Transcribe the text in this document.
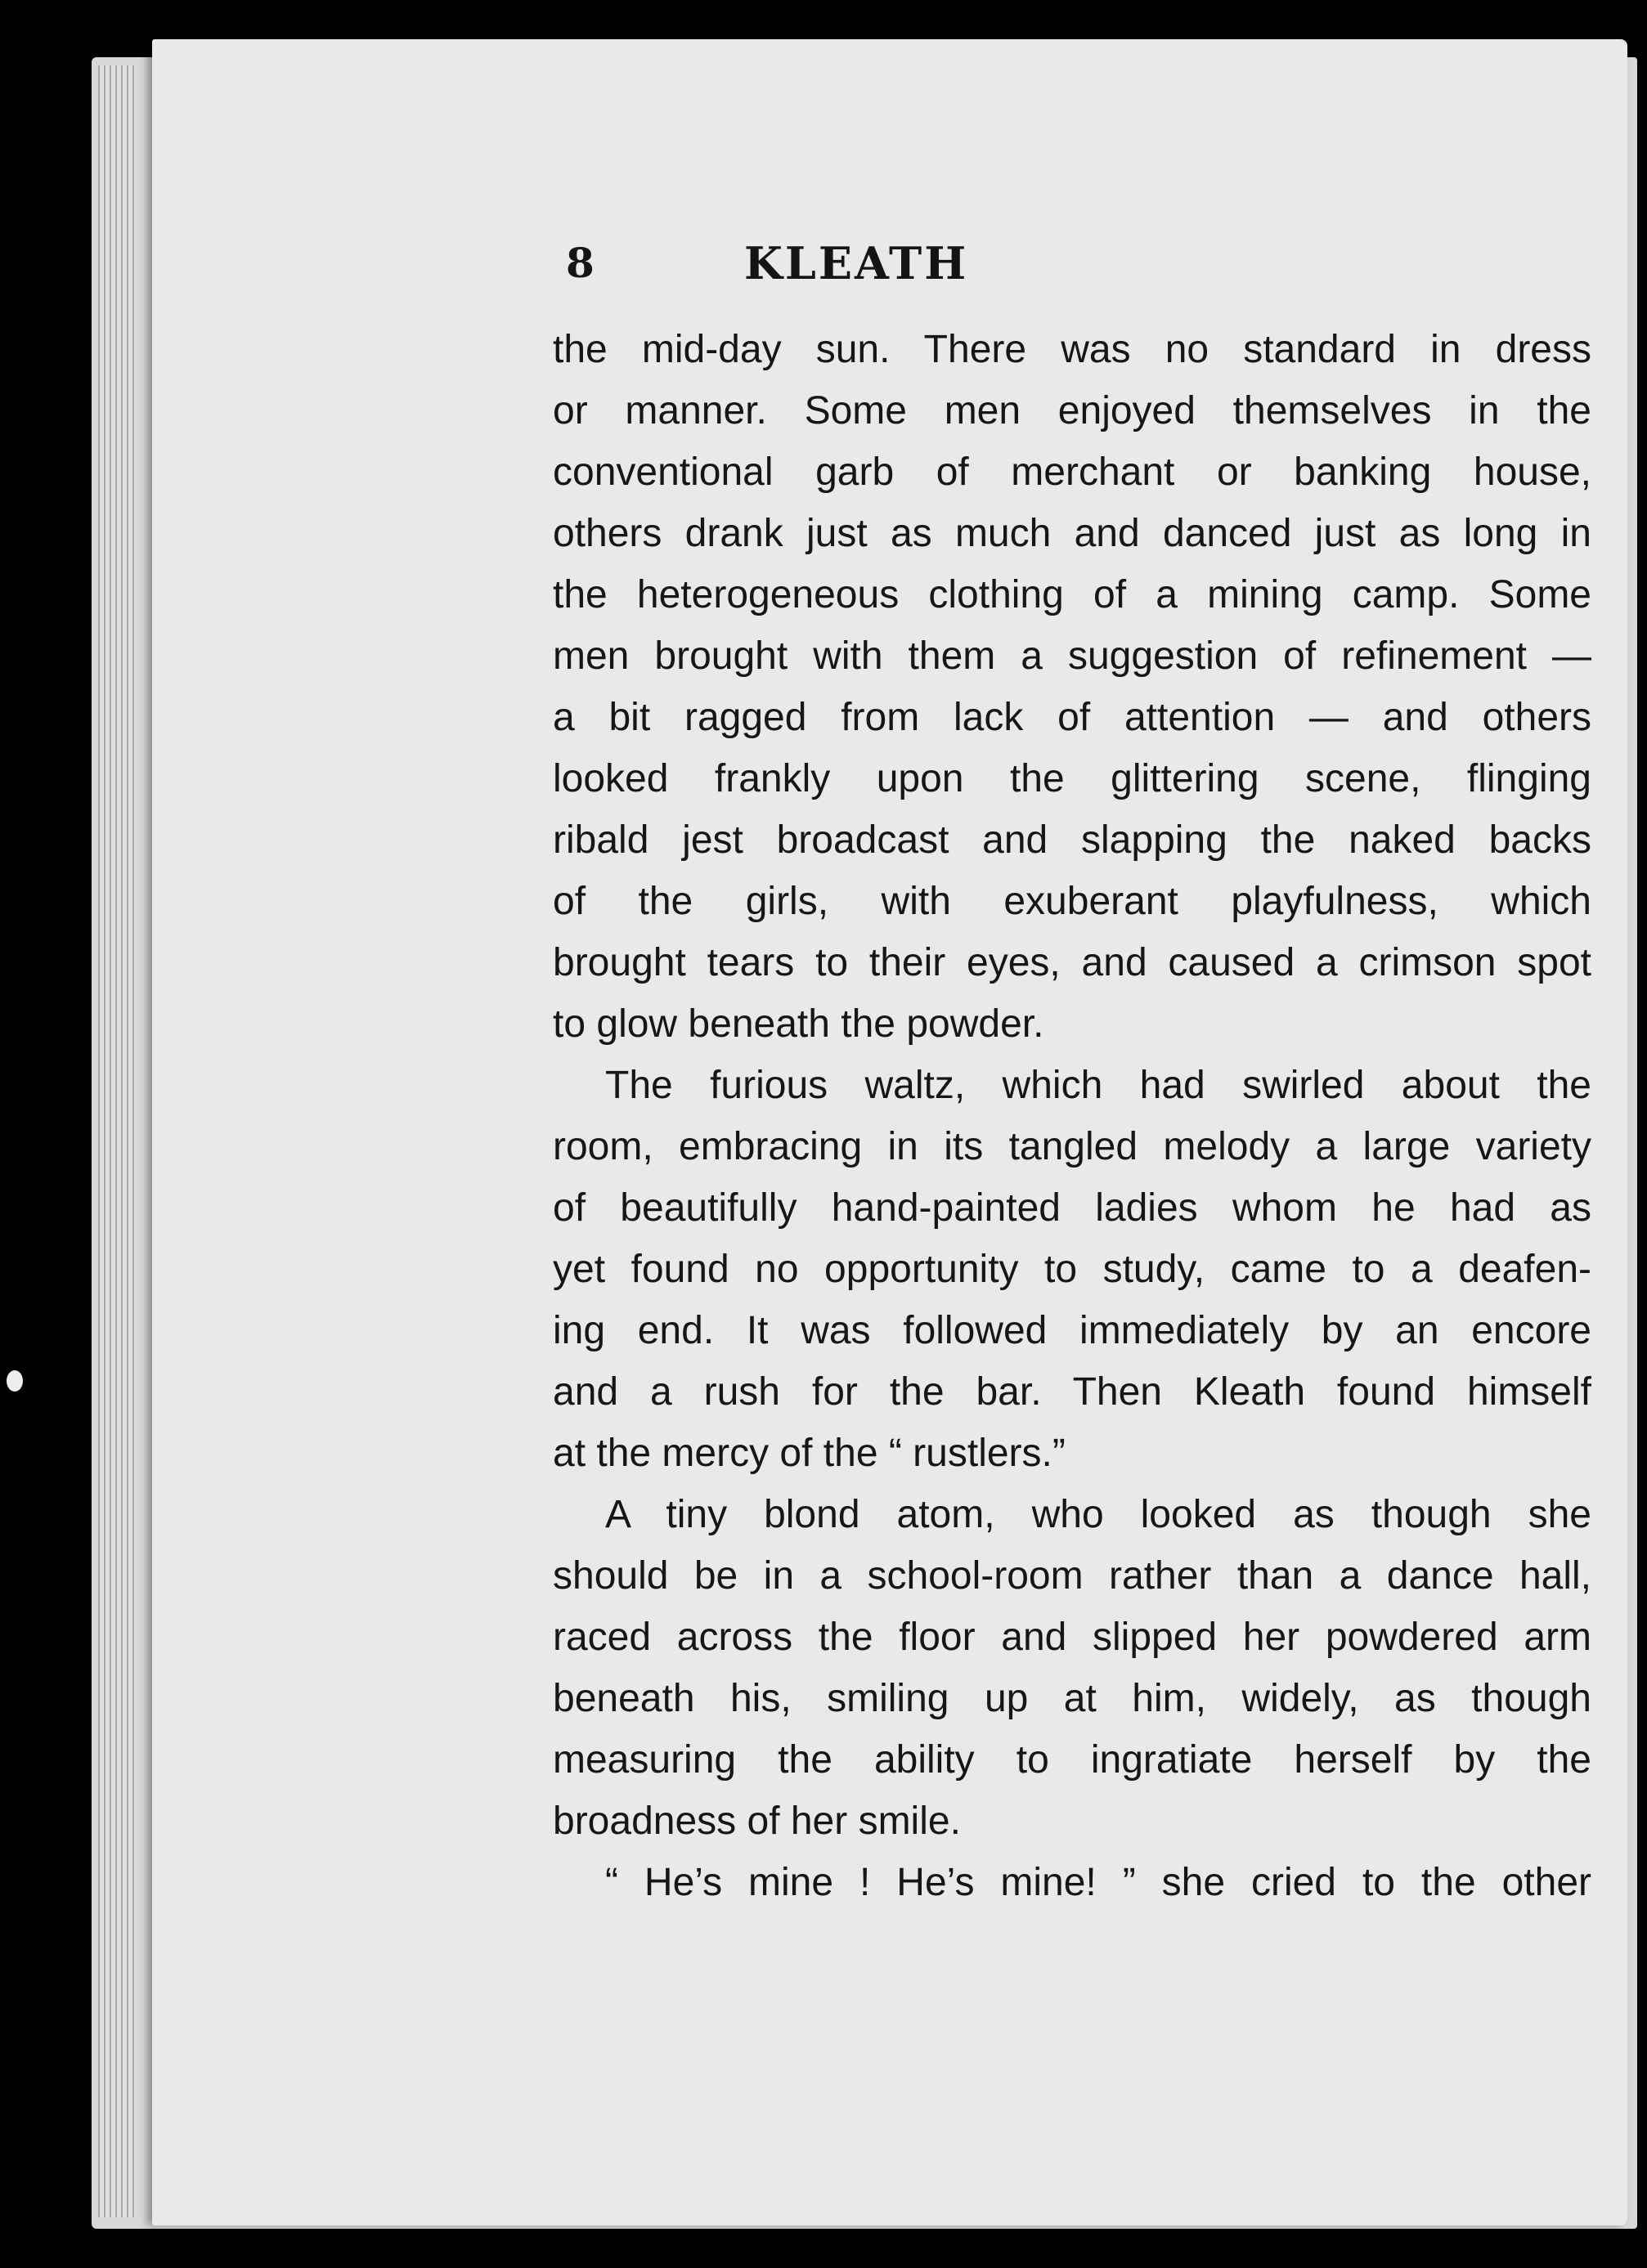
8	KLEATH
the mid-day sun. There was no standard in dress
or manner. Some men enjoyed themselves in the
conventional garb of merchant or banking house,
others drank just as much and danced just as long in
the heterogeneous clothing of a mining camp. Some
men brought with them a suggestion of refinement —
a bit ragged from lack of attention — and others
looked frankly upon the glittering scene, flinging
ribald jest broadcast and slapping the naked backs
of the girls, with exuberant playfulness, which
brought tears to their eyes, and caused a crimson spot
to glow beneath the powder.
The furious waltz, which had swirled about the
room, embracing in its tangled melody a large variety
of beautifully hand-painted ladies whom he had as
yet found no opportunity to study, came to a deafen-
ing end. It was followed immediately by an encore
and a rush for the bar. Then Kleath found himself
at the mercy of the “ rustlers.”
A tiny blond atom, who looked as though she
should be in a school-room rather than a dance hall,
raced across the floor and slipped her powdered arm
beneath his, smiling up at him, widely, as though
measuring the ability to ingratiate herself by the
broadness of her smile.
“ He’s mine ! He’s mine! ” she cried to the other
